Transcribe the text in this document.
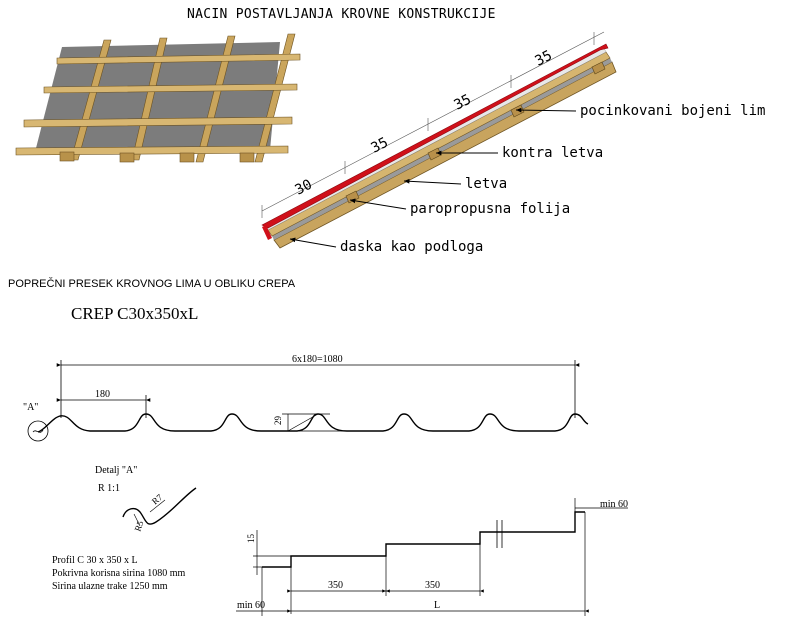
NACIN POSTAVLJANJA KROVNE KONSTRUKCIJE
pocinkovani bojeni lim
kontra letva
letva
paropropusna folija
daska kao podloga
POPREČNI PRESEK KROVNOG LIMA U OBLIKU CREPA
CREP C30x350xL
"A"
Detalj "A"
R 1:1
Profil C 30 x 350 x L
Pokrivna korisna sirina 1080 mm
Sirina ulazne trake 1250 mm
min 60
min 60
30
35
35
35
6x180=1080
180
29
R7
R5
15
350	350
L
